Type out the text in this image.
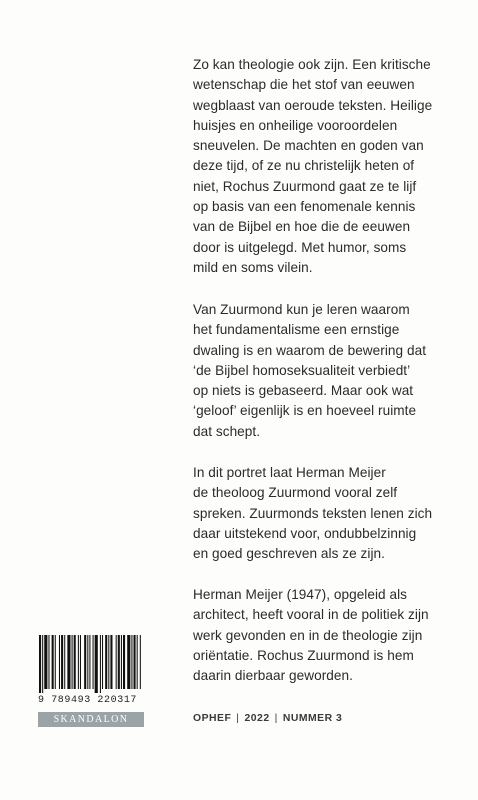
Zo kan theologie ook zijn. Een kritische
wetenschap die het stof van eeuwen
wegblaast van oeroude teksten. Heilige
huisjes en onheilige vooroordelen
sneuvelen. De machten en goden van
deze tijd, of ze nu christelijk heten of
niet, Rochus Zuurmond gaat ze te lijf
op basis van een fenomenale kennis
van de Bijbel en hoe die de eeuwen
door is uitgelegd. Met humor, soms
mild en soms vilein.
Van Zuurmond kun je leren waarom
het fundamentalisme een ernstige
dwaling is en waarom de bewering dat
‘de Bijbel homoseksualiteit verbiedt’
op niets is gebaseerd. Maar ook wat
‘geloof’ eigenlijk is en hoeveel ruimte
dat schept.
In dit portret laat Herman Meijer
de theoloog Zuurmond vooral zelf
spreken. Zuurmonds teksten lenen zich
daar uitstekend voor, ondubbelzinnig
en goed geschreven als ze zijn.
Herman Meijer (1947), opgeleid als
architect, heeft vooral in de politiek zijn
werk gevonden en in de theologie zijn
oriëntatie. Rochus Zuurmond is hem
daarin dierbaar geworden.
9 789493 220317
SKANDALON	OPHEF | 2022 | NUMMER 3
